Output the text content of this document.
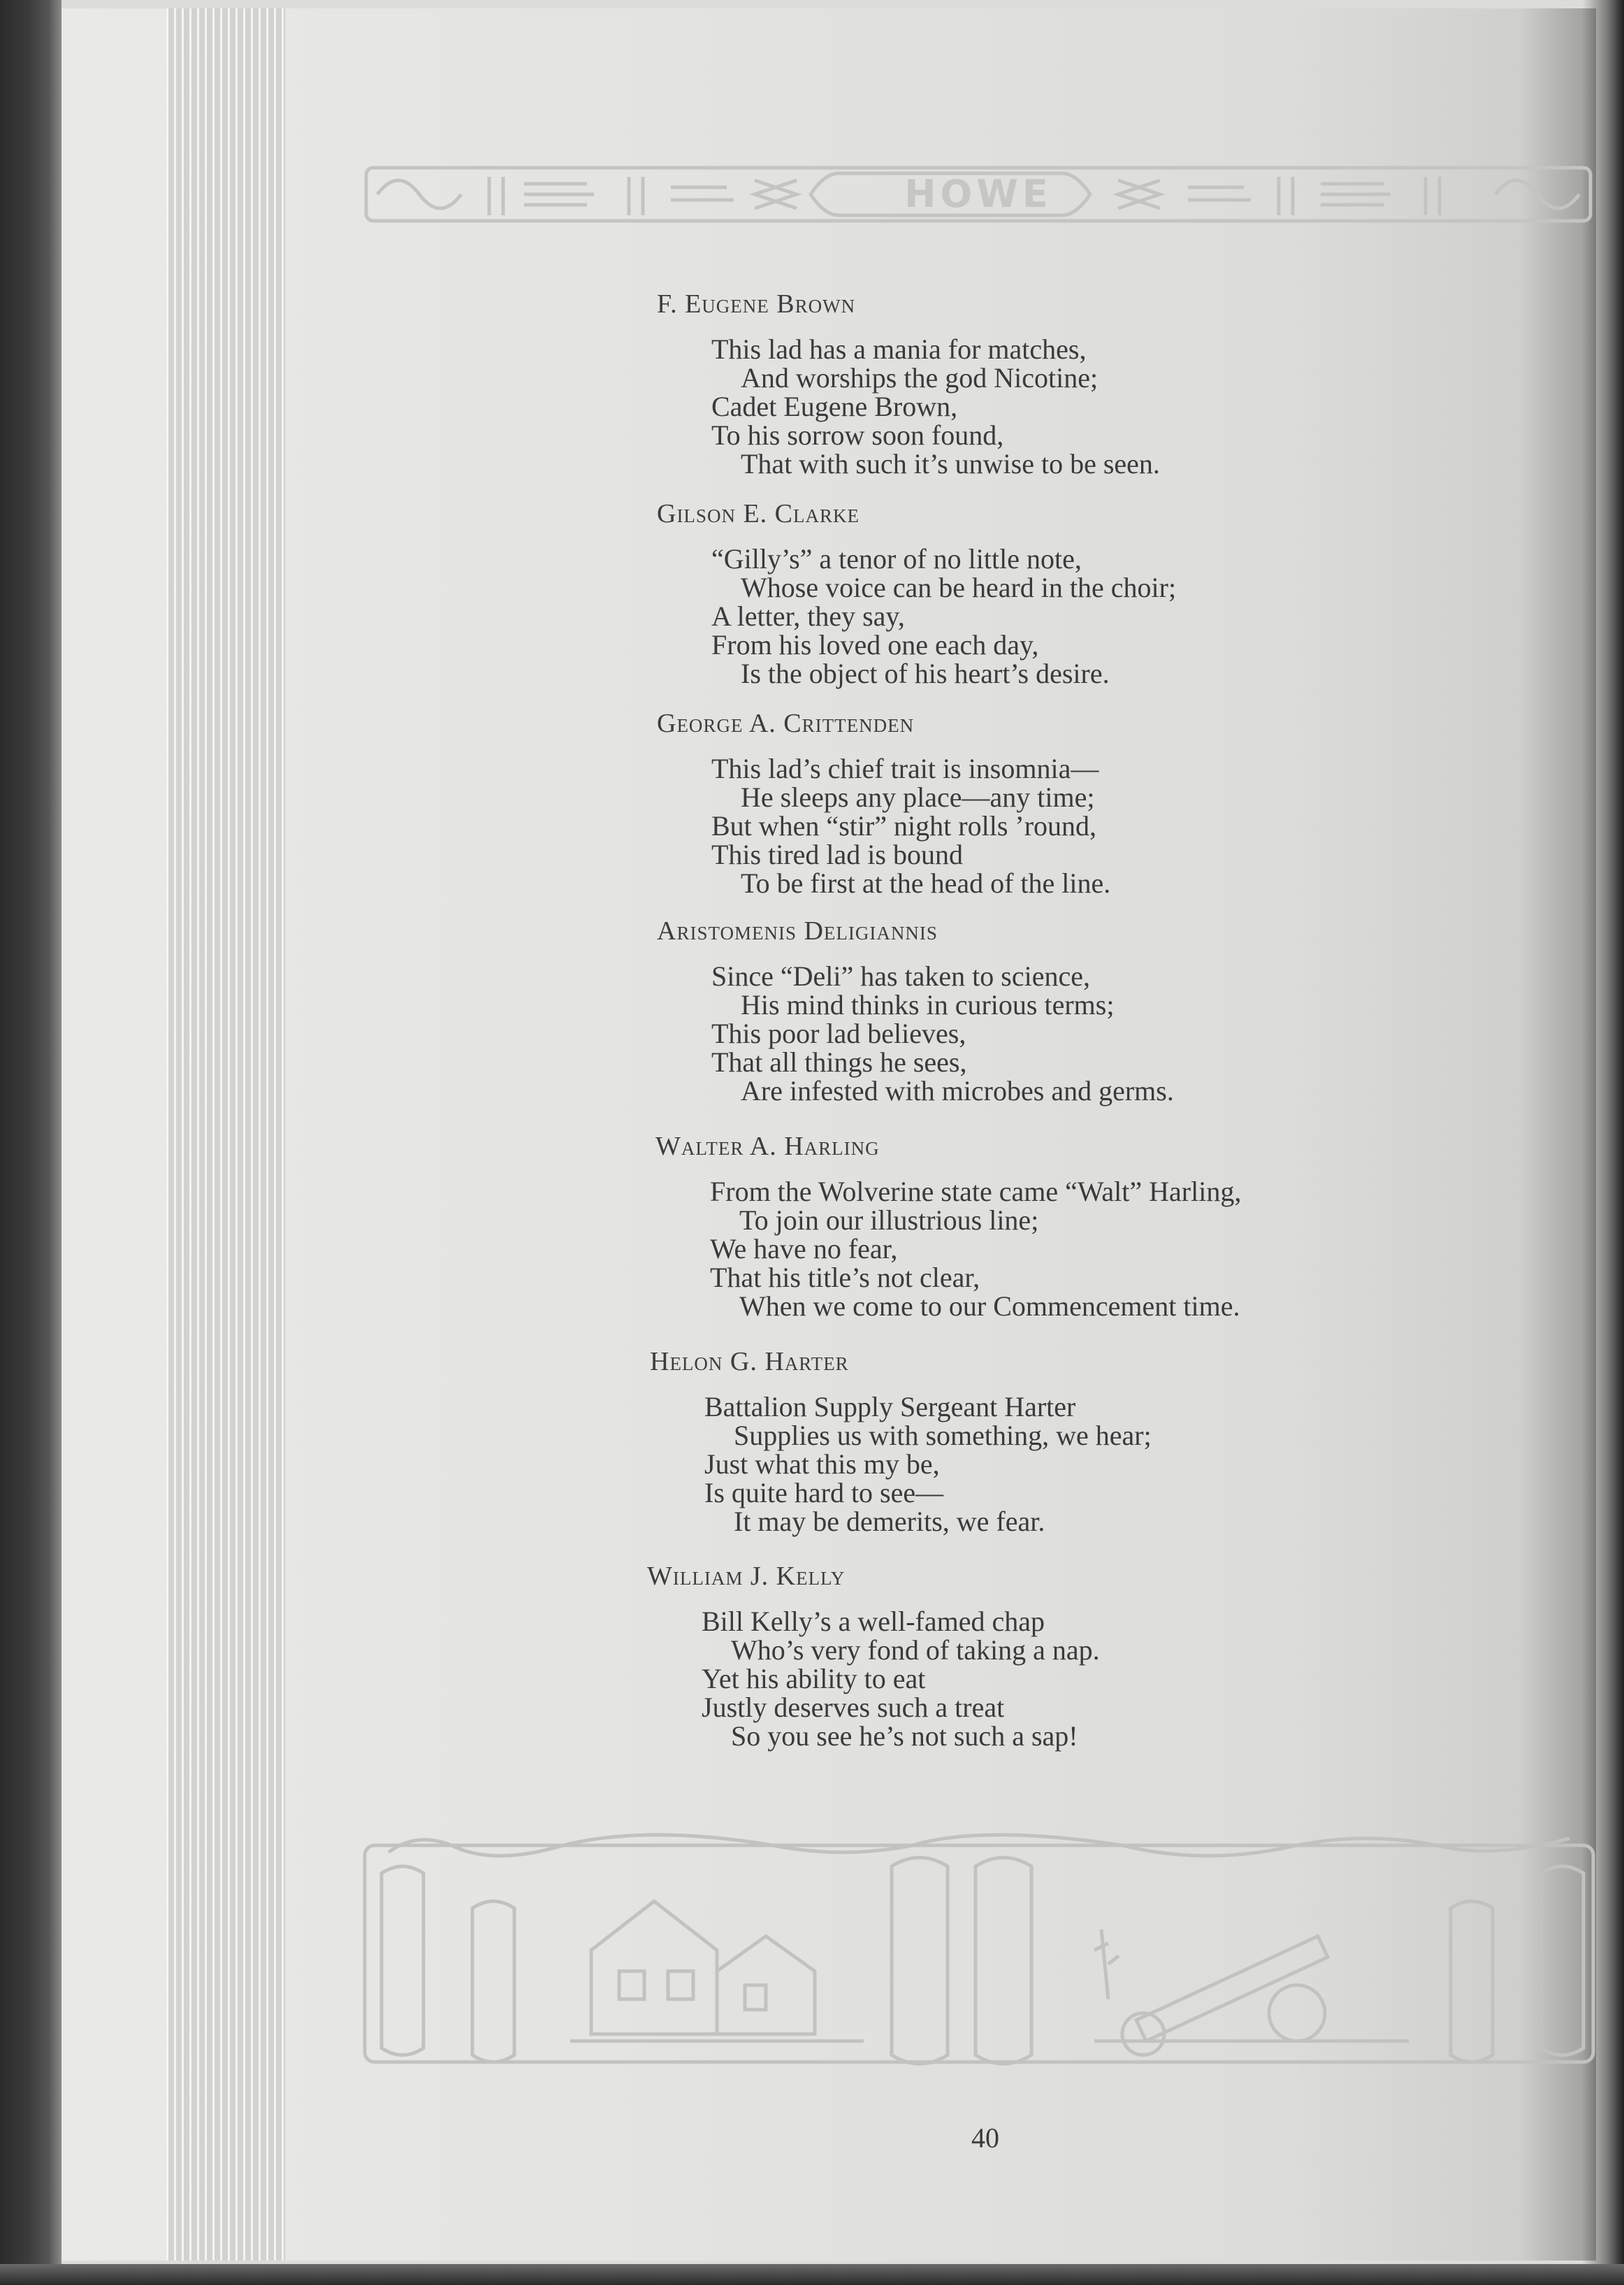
HOWE
F. Eugene Brown
This lad has a mania for matches,
And worships the god Nicotine;
Cadet Eugene Brown,
To his sorrow soon found,
That with such it’s unwise to be seen.
Gilson E. Clarke
“Gilly’s” a tenor of no little note,
Whose voice can be heard in the choir;
A letter, they say,
From his loved one each day,
Is the object of his heart’s desire.
George A. Crittenden
This lad’s chief trait is insomnia—
He sleeps any place—any time;
But when “stir” night rolls ’round,
This tired lad is bound
To be first at the head of the line.
Aristomenis Deligiannis
Since “Deli” has taken to science,
His mind thinks in curious terms;
This poor lad believes,
That all things he sees,
Are infested with microbes and germs.
Walter A. Harling
From the Wolverine state came “Walt” Harling,
To join our illustrious line;
We have no fear,
That his title’s not clear,
When we come to our Commencement time.
Helon G. Harter
Battalion Supply Sergeant Harter
Supplies us with something, we hear;
Just what this my be,
Is quite hard to see—
It may be demerits, we fear.
William J. Kelly
Bill Kelly’s a well-famed chap
Who’s very fond of taking a nap.
Yet his ability to eat
Justly deserves such a treat
So you see he’s not such a sap!
40
